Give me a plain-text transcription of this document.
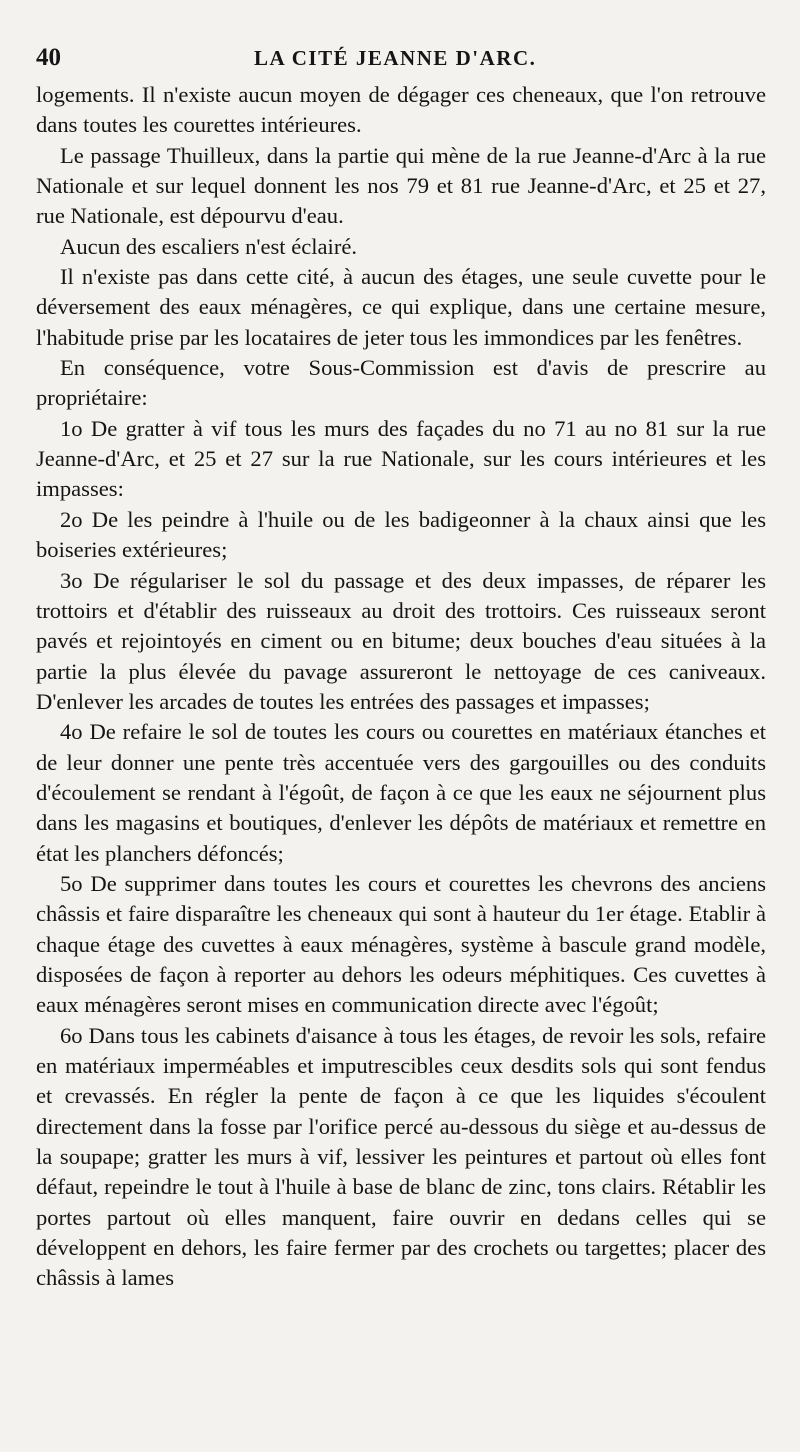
40	LA CITÉ JEANNE D'ARC.

logements. Il n'existe aucun moyen de dégager ces cheneaux, que l'on retrouve dans toutes les courettes intérieures.

Le passage Thuilleux, dans la partie qui mène de la rue Jeanne-d'Arc à la rue Nationale et sur lequel donnent les nos 79 et 81 rue Jeanne-d'Arc, et 25 et 27, rue Nationale, est dépourvu d'eau.

Aucun des escaliers n'est éclairé.

Il n'existe pas dans cette cité, à aucun des étages, une seule cuvette pour le déversement des eaux ménagères, ce qui explique, dans une certaine mesure, l'habitude prise par les locataires de jeter tous les immondices par les fenêtres.

En conséquence, votre Sous-Commission est d'avis de prescrire au propriétaire:

1o De gratter à vif tous les murs des façades du no 71 au no 81 sur la rue Jeanne-d'Arc, et 25 et 27 sur la rue Nationale, sur les cours intérieures et les impasses:

2o De les peindre à l'huile ou de les badigeonner à la chaux ainsi que les boiseries extérieures;

3o De régulariser le sol du passage et des deux impasses, de réparer les trottoirs et d'établir des ruisseaux au droit des trottoirs. Ces ruisseaux seront pavés et rejointoyés en ciment ou en bitume; deux bouches d'eau situées à la partie la plus élevée du pavage assureront le nettoyage de ces caniveaux. D'enlever les arcades de toutes les entrées des passages et impasses;

4o De refaire le sol de toutes les cours ou courettes en matériaux étanches et de leur donner une pente très accentuée vers des gargouilles ou des conduits d'écoulement se rendant à l'égoût, de façon à ce que les eaux ne séjournent plus dans les magasins et boutiques, d'enlever les dépôts de matériaux et remettre en état les planchers défoncés;

5o De supprimer dans toutes les cours et courettes les chevrons des anciens châssis et faire disparaître les cheneaux qui sont à hauteur du 1er étage. Etablir à chaque étage des cuvettes à eaux ménagères, système à bascule grand modèle, disposées de façon à reporter au dehors les odeurs méphitiques. Ces cuvettes à eaux ménagères seront mises en communication directe avec l'égoût;

6o Dans tous les cabinets d'aisance à tous les étages, de revoir les sols, refaire en matériaux imperméables et imputrescibles ceux desdits sols qui sont fendus et crevassés. En régler la pente de façon à ce que les liquides s'écoulent directement dans la fosse par l'orifice percé au-dessous du siège et au-dessus de la soupape; gratter les murs à vif, lessiver les peintures et partout où elles font défaut, repeindre le tout à l'huile à base de blanc de zinc, tons clairs. Rétablir les portes partout où elles manquent, faire ouvrir en dedans celles qui se développent en dehors, les faire fermer par des crochets ou targettes; placer des châssis à lames
